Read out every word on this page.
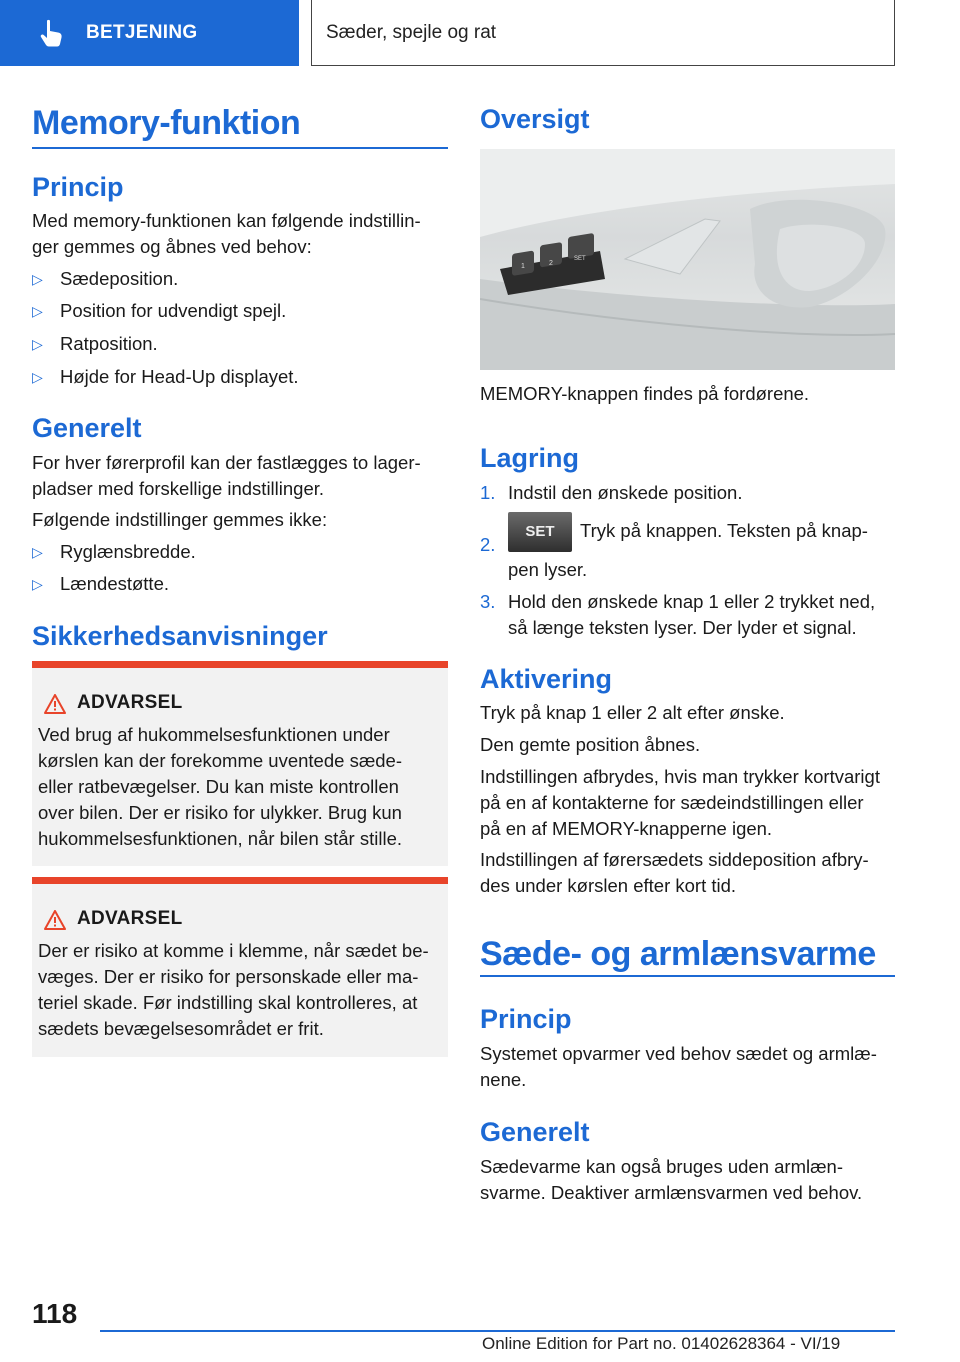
BETJENING	Sæder, spejle og rat
Memory-funktion
Princip
Med memory-funktionen kan følgende indstillin-
ger gemmes og åbnes ved behov:
▷ Sædeposition.
▷ Position for udvendigt spejl.
▷ Ratposition.
▷ Højde for Head-Up displayet.
Generelt
For hver førerprofil kan der fastlægges to lager-
pladser med forskellige indstillinger.
Følgende indstillinger gemmes ikke:
▷ Ryglænsbredde.
▷ Lændestøtte.
Sikkerhedsanvisninger
ADVARSEL
Ved brug af hukommelsesfunktionen under
kørslen kan der forekomme uventede sæde-
eller ratbevægelser. Du kan miste kontrollen
over bilen. Der er risiko for ulykker. Brug kun
hukommelsesfunktionen, når bilen står stille.
ADVARSEL
Der er risiko at komme i klemme, når sædet be-
væges. Der er risiko for personskade eller ma-
teriel skade. Før indstilling skal kontrolleres, at
sædets bevægelsesområdet er frit.
Oversigt
1	2
SET
MEMORY-knappen findes på fordørene.
Lagring
1. Indstil den ønskede position.
2.
SET Tryk på knappen. Teksten på knap-
pen lyser.
3. Hold den ønskede knap 1 eller 2 trykket ned,
så længe teksten lyser. Der lyder et signal.
Aktivering
Tryk på knap 1 eller 2 alt efter ønske.
Den gemte position åbnes.
Indstillingen afbrydes, hvis man trykker kortvarigt
på en af kontakterne for sædeindstillingen eller
på en af MEMORY-knapperne igen.
Indstillingen af førersædets siddeposition afbry-
des under kørslen efter kort tid.
Sæde- og armlænsvarme
Princip
Systemet opvarmer ved behov sædet og armlæ-
nene.
Generelt
Sædevarme kan også bruges uden armlæn-
svarme. Deaktiver armlænsvarmen ved behov.
118
Online Edition for Part no. 01402628364 - VI/19
